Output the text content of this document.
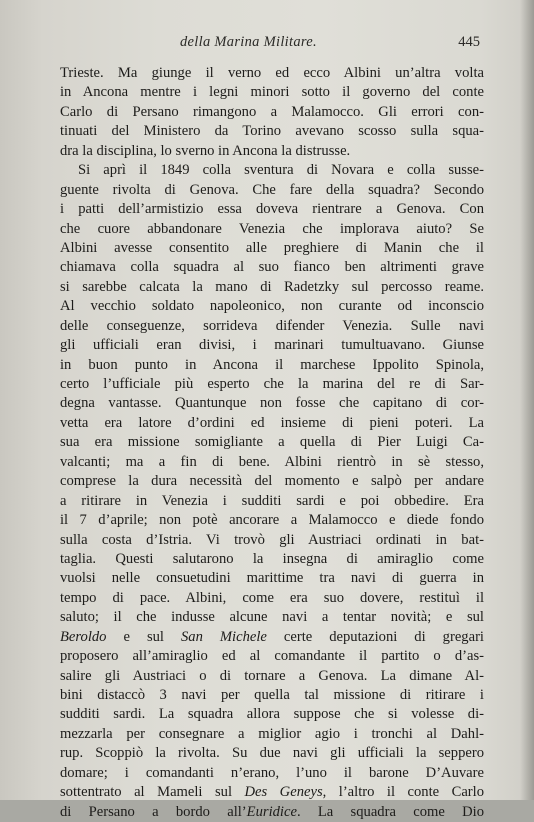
della Marina Militare.	445
Trieste. Ma giunge il verno ed ecco Albini un’altra volta
in Ancona mentre i legni minori sotto il governo del conte
Carlo di Persano rimangono a Malamocco. Gli errori con-
tinuati del Ministero da Torino avevano scosso sulla squa-
dra la disciplina, lo sverno in Ancona la distrusse.
Si aprì il 1849 colla sventura di Novara e colla susse-
guente rivolta di Genova. Che fare della squadra? Secondo
i patti dell’armistizio essa doveva rientrare a Genova. Con
che cuore abbandonare Venezia che implorava aiuto? Se
Albini avesse consentito alle preghiere di Manin che il
chiamava colla squadra al suo fianco ben altrimenti grave
si sarebbe calcata la mano di Radetzky sul percosso reame.
Al vecchio soldato napoleonico, non curante od inconscio
delle conseguenze, sorrideva difender Venezia. Sulle navi
gli ufficiali eran divisi, i marinari tumultuavano. Giunse
in buon punto in Ancona il marchese Ippolito Spinola,
certo l’ufficiale più esperto che la marina del re di Sar-
degna vantasse. Quantunque non fosse che capitano di cor-
vetta era latore d’ordini ed insieme di pieni poteri. La
sua era missione somigliante a quella di Pier Luigi Ca-
valcanti; ma a fin di bene. Albini rientrò in sè stesso,
comprese la dura necessità del momento e salpò per andare
a ritirare in Venezia i sudditi sardi e poi obbedire. Era
il 7 d’aprile; non potè ancorare a Malamocco e diede fondo
sulla costa d’Istria. Vi trovò gli Austriaci ordinati in bat-
taglia. Questi salutarono la insegna di amiraglio come
vuolsi nelle consuetudini marittime tra navi di guerra in
tempo di pace. Albini, come era suo dovere, restituì il
saluto; il che indusse alcune navi a tentar novità; e sul
Beroldo e sul San Michele certe deputazioni di gregari
proposero all’amiraglio ed al comandante il partito o d’as-
salire gli Austriaci o di tornare a Genova. La dimane Al-
bini distaccò 3 navi per quella tal missione di ritirare i
sudditi sardi. La squadra allora suppose che si volesse di-
mezzarla per consegnare a miglior agio i tronchi al Dahl-
rup. Scoppiò la rivolta. Su due navi gli ufficiali la seppero
domare; i comandanti n’erano, l’uno il barone D’Auvare
sottentrato al Mameli sul Des Geneys, l’altro il conte Carlo
di Persano a bordo all’Euridice. La squadra come Dio
